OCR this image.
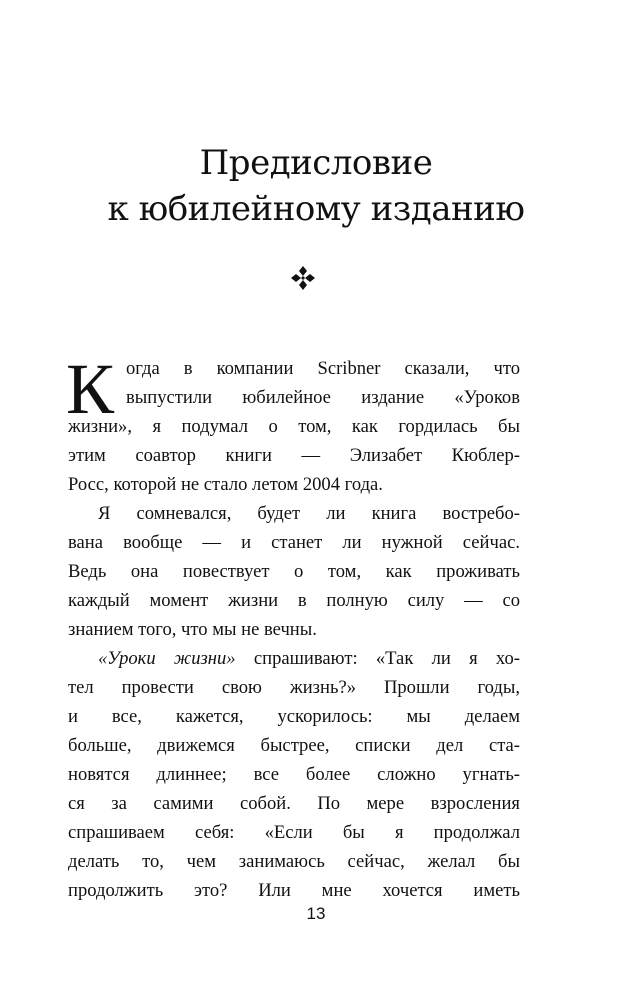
Предисловие
к юбилейному изданию
К огда в компании Scribner сказали, что
выпустили юбилейное издание «Уроков
жизни», я подумал о том, как гордилась бы
этим соавтор книги — Элизабет Кюблер-
Росс, которой не стало летом 2004 года.
Я сомневался, будет ли книга востребо-
вана вообще — и станет ли нужной сейчас.
Ведь она повествует о том, как проживать
каждый момент жизни в полную силу — со
знанием того, что мы не вечны.
«Уроки жизни» спрашивают: «Так ли я хо-
тел провести свою жизнь?» Прошли годы,
и все, кажется, ускорилось: мы делаем
больше, движемся быстрее, списки дел ста-
новятся длиннее; все более сложно угнать-
ся за самими собой. По мере взросления
спрашиваем себя: «Если бы я продолжал
делать то, чем занимаюсь сейчас, желал бы
продолжить это? Или мне хочется иметь
13
